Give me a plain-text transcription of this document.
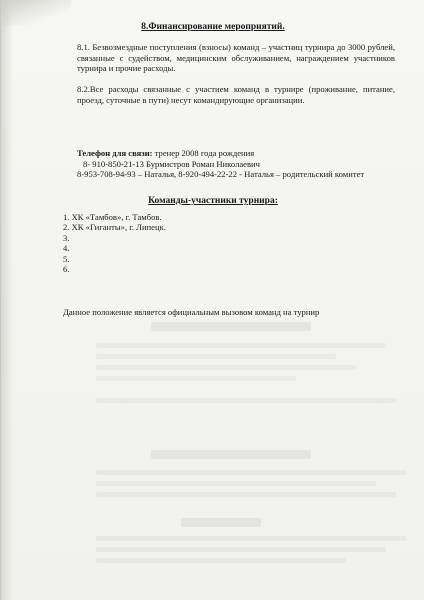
8.Финансирование мероприятий.
8.1. Безвозмездные поступления (взносы) команд – участниц турнира до 3000 рублей, связанные с судейством, медицинским обслуживанием, награждением участников турнира и прочие расходы.
8.2.Все расходы связанные с участием команд в турнире (проживание, питание, проезд, суточные в пути) несут командирующие организации.
Телефон для связи: тренер 2008 года рождения
8- 910-850-21-13 Бурмистров Роман Николаевич
8-953-708-94-93 – Наталья, 8-920-494-22-22 - Наталья – родительский комитет
Команды-участники турнира:
1. ХК «Тамбов», г. Тамбов.
2. ХК «Гиганты», г. Липецк.
3.
4.
5.
6.
Данное положение является официальным вызовом команд на турнир
